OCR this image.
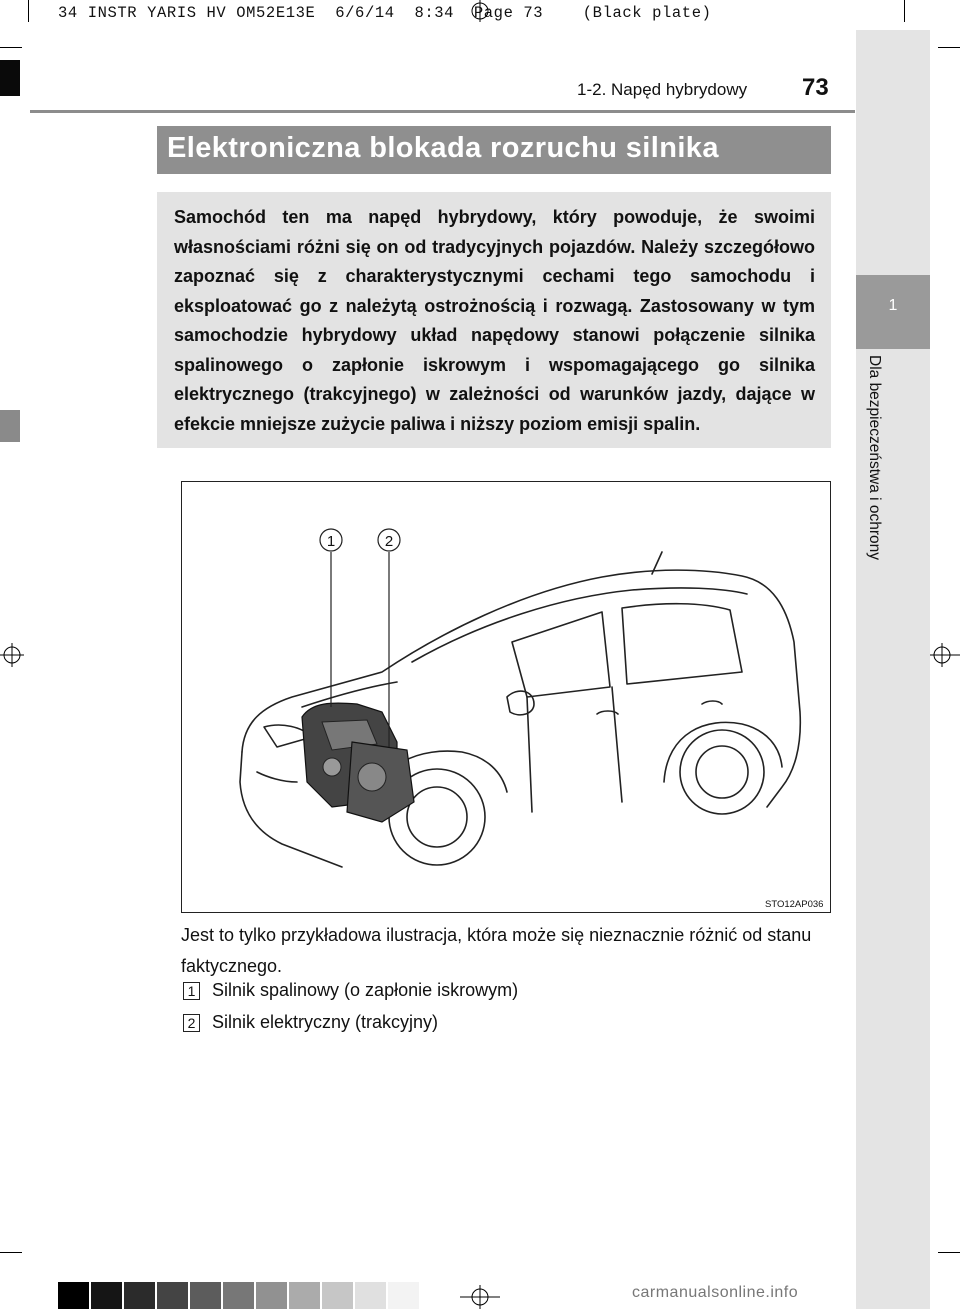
34 INSTR YARIS HV OM52E13E  6/6/14  8:34  Page 73    (Black plate)
1
Dla bezpieczeństwa i ochrony
1-2. Napęd hybrydowy 73
Elektroniczna blokada rozruchu silnika
Samochód ten ma napęd hybrydowy, który powoduje, że swoimi własnościami różni się on od tradycyjnych pojazdów. Należy szczegółowo zapoznać się z charakterystycznymi cechami tego samochodu i eksploatować go z należytą ostrożnością i rozwagą. Zastosowany w tym samochodzie hybrydowy układ napędowy stanowi połączenie silnika spalinowego o zapłonie iskrowym i wspomagającego go silnika elektrycznego (trakcyjnego) w zależności od warunków jazdy, dające w efekcie mniejsze zużycie paliwa i niższy poziom emisji spalin.
1	2
STO12AP036
Jest to tylko przykładowa ilustracja, która może się nieznacznie różnić od stanu faktycznego.
1 Silnik spalinowy (o zapłonie iskrowym)
2 Silnik elektryczny (trakcyjny)
carmanualsonline.info
